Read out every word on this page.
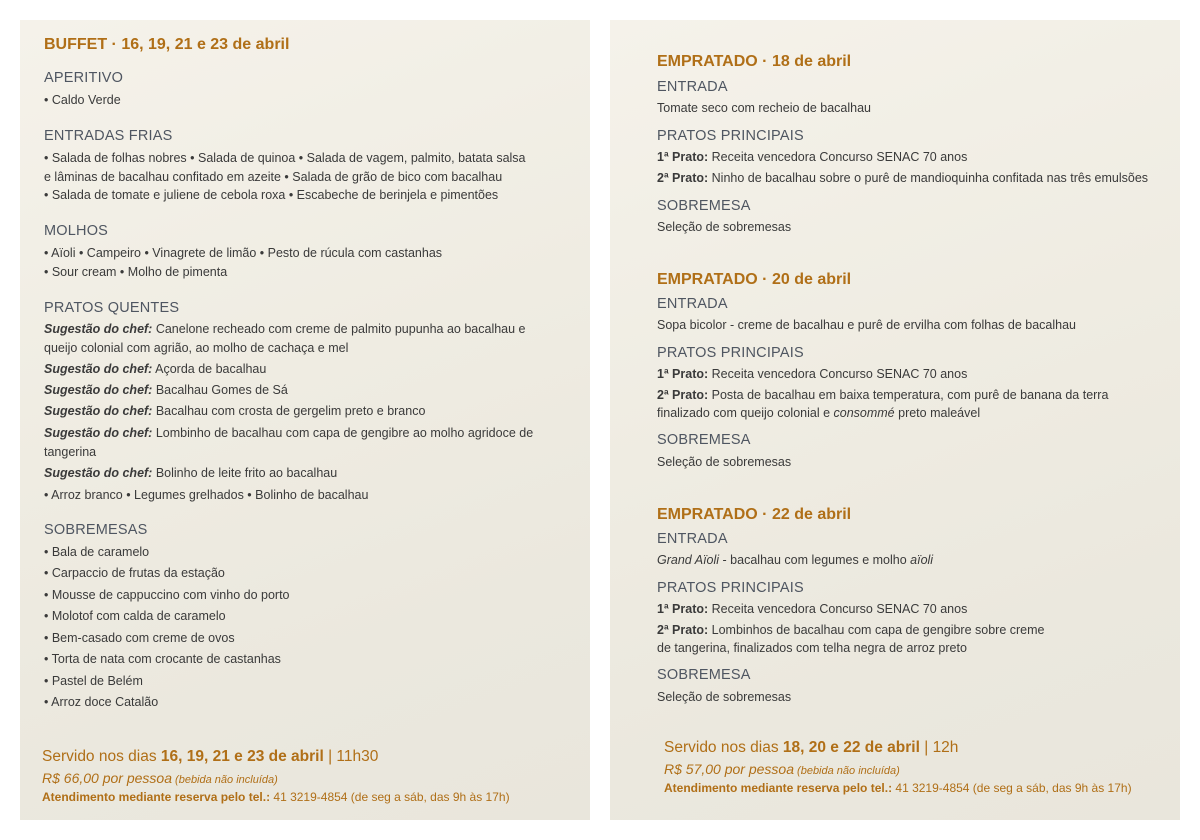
BUFFET · 16, 19, 21 e 23 de abril
APERITIVO
• Caldo Verde
ENTRADAS FRIAS
• Salada de folhas nobres • Salada de quinoa • Salada de vagem, palmito, batata salsa
e lâminas de bacalhau confitado em azeite • Salada de grão de bico com bacalhau
• Salada de tomate e juliene de cebola roxa • Escabeche de berinjela e pimentões
MOLHOS
• Aïoli • Campeiro • Vinagrete de limão • Pesto de rúcula com castanhas
• Sour cream • Molho de pimenta
PRATOS QUENTES
Sugestão do chef: Canelone recheado com creme de palmito pupunha ao bacalhau e
queijo colonial com agrião, ao molho de cachaça e mel
Sugestão do chef: Açorda de bacalhau
Sugestão do chef: Bacalhau Gomes de Sá
Sugestão do chef: Bacalhau com crosta de gergelim preto e branco
Sugestão do chef: Lombinho de bacalhau com capa de gengibre ao molho agridoce de
tangerina
Sugestão do chef: Bolinho de leite frito ao bacalhau
• Arroz branco • Legumes grelhados • Bolinho de bacalhau
SOBREMESAS
• Bala de caramelo
• Carpaccio de frutas da estação
• Mousse de cappuccino com vinho do porto
• Molotof com calda de caramelo
• Bem-casado com creme de ovos
• Torta de nata com crocante de castanhas
• Pastel de Belém
• Arroz doce Catalão
Servido nos dias 16, 19, 21 e 23 de abril | 11h30
R$ 66,00 por pessoa (bebida não incluída)
Atendimento mediante reserva pelo tel.: 41 3219-4854 (de seg a sáb, das 9h às 17h)
EMPRATADO · 18 de abril
ENTRADA
Tomate seco com recheio de bacalhau
PRATOS PRINCIPAIS
1ª Prato: Receita vencedora Concurso SENAC 70 anos
2ª Prato: Ninho de bacalhau sobre o purê de mandioquinha confitada nas três emulsões
SOBREMESA
Seleção de sobremesas
EMPRATADO · 20 de abril
ENTRADA
Sopa bicolor - creme de bacalhau e purê de ervilha com folhas de bacalhau
PRATOS PRINCIPAIS
1ª Prato: Receita vencedora Concurso SENAC 70 anos
2ª Prato: Posta de bacalhau em baixa temperatura, com purê de banana da terra
finalizado com queijo colonial e consommé preto maleável
SOBREMESA
Seleção de sobremesas
EMPRATADO · 22 de abril
ENTRADA
Grand Aïoli - bacalhau com legumes e molho aïoli
PRATOS PRINCIPAIS
1ª Prato: Receita vencedora Concurso SENAC 70 anos
2ª Prato: Lombinhos de bacalhau com capa de gengibre sobre creme
de tangerina, finalizados com telha negra de arroz preto
SOBREMESA
Seleção de sobremesas
Servido nos dias 18, 20 e 22 de abril | 12h
R$ 57,00 por pessoa (bebida não incluída)
Atendimento mediante reserva pelo tel.: 41 3219-4854 (de seg a sáb, das 9h às 17h)
